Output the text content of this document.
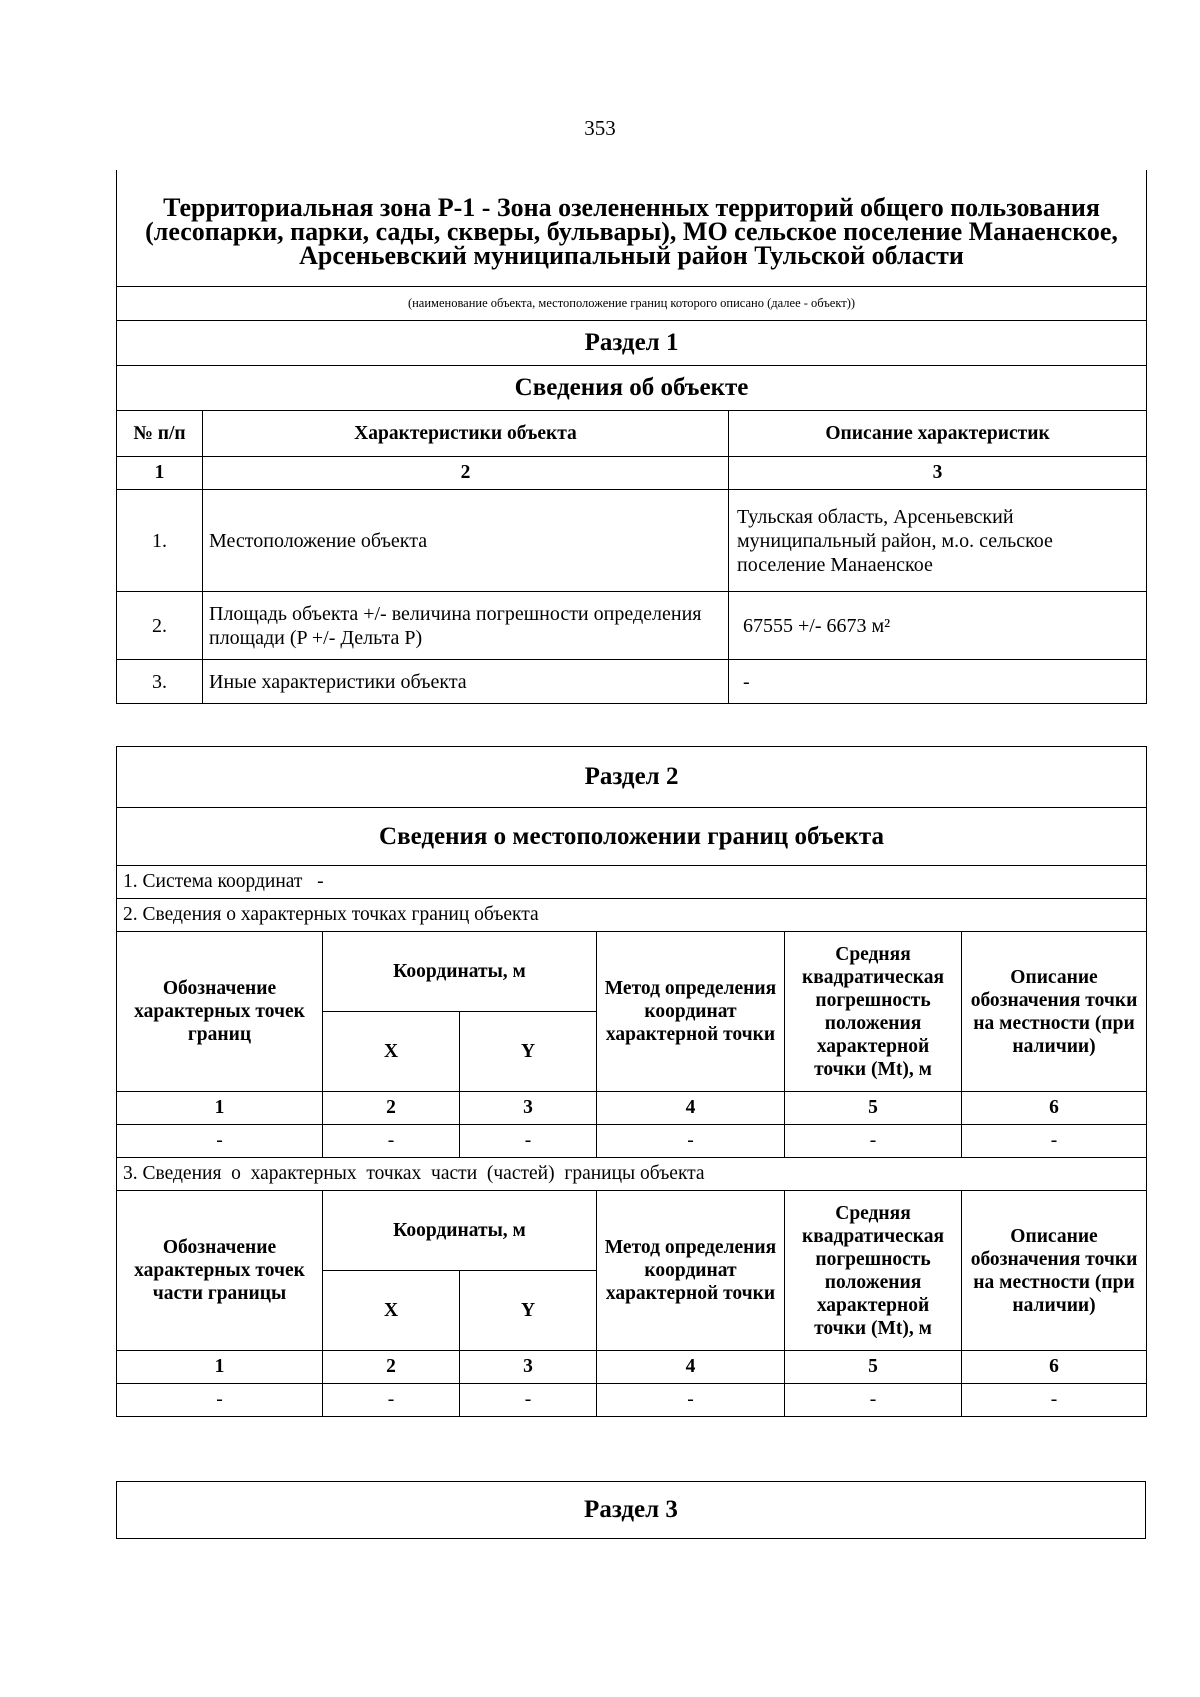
353
Территориальная зона Р-1 - Зона озелененных территорий общего пользования (лесопарки, парки, сады, скверы, бульвары), МО сельское поселение Манаенское, Арсеньевский муниципальный район Тульской области		
(наименование объекта, местоположение границ которого описано (далее - объект))		
Раздел 1		
Сведения об объекте		
№ п/п	Характеристики объекта	Описание характеристик
1	2	3
1.	Местоположение объекта	Тульская область, Арсеньевский муниципальный район, м.о. сельское поселение Манаенское
2.	Площадь объекта +/- величина погрешности определения площади (P +/- Дельта P)	67555 +/- 6673 м²
3.	Иные характеристики объекта	-
Раздел 2					
Сведения о местоположении границ объекта					
1. Система координат   -					
2. Сведения о характерных точках границ объекта					
Обозначение характерных точек границ	Координаты, м		Метод определения координат характерной точки	Средняя квадратическая погрешность положения характерной точки (Mt), м	Описание обозначения точки на местности (при наличии)
	X	Y			
1	2	3	4	5	6
-	-	-	-	-	-
3. Сведения  о  характерных  точках  части  (частей)  границы объекта					
Обозначение характерных точек части границы	Координаты, м		Метод определения координат характерной точки	Средняя квадратическая погрешность положения характерной точки (Mt), м	Описание обозначения точки на местности (при наличии)
	X	Y			
1	2	3	4	5	6
-	-	-	-	-	-
Раздел 3
